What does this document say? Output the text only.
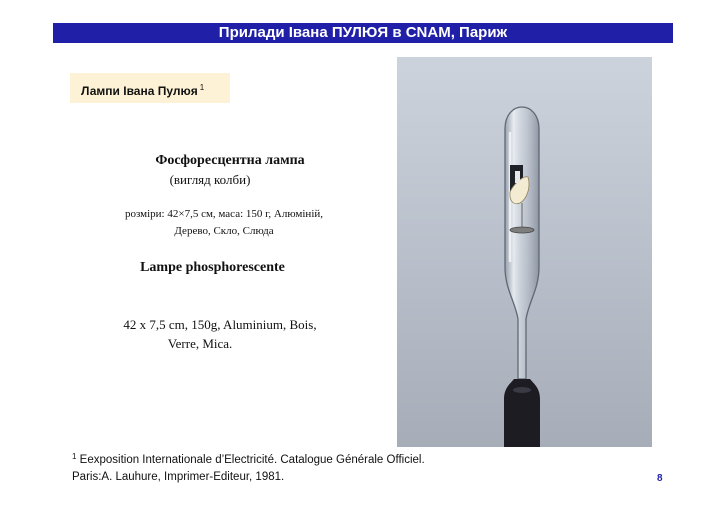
Прилади Івана ПУЛЮЯ в CNAM, Париж
Лампи Івана Пулюя $^1$
Фосфоресцентна лампа
(вигляд колби)
розміри: 42×7,5 см, маса: 150 г, Алюміній,
Дерево, Скло, Слюда
Lampe phosphorescente
42 x 7,5 cm, 150g, Aluminium, Bois,
Verre, Mica.
$^1$ Eexposition Internationale d’Electricité. Catalogue Générale Officiel. Paris:A. Lauhure, Imprimer-Editeur, 1981.	8
